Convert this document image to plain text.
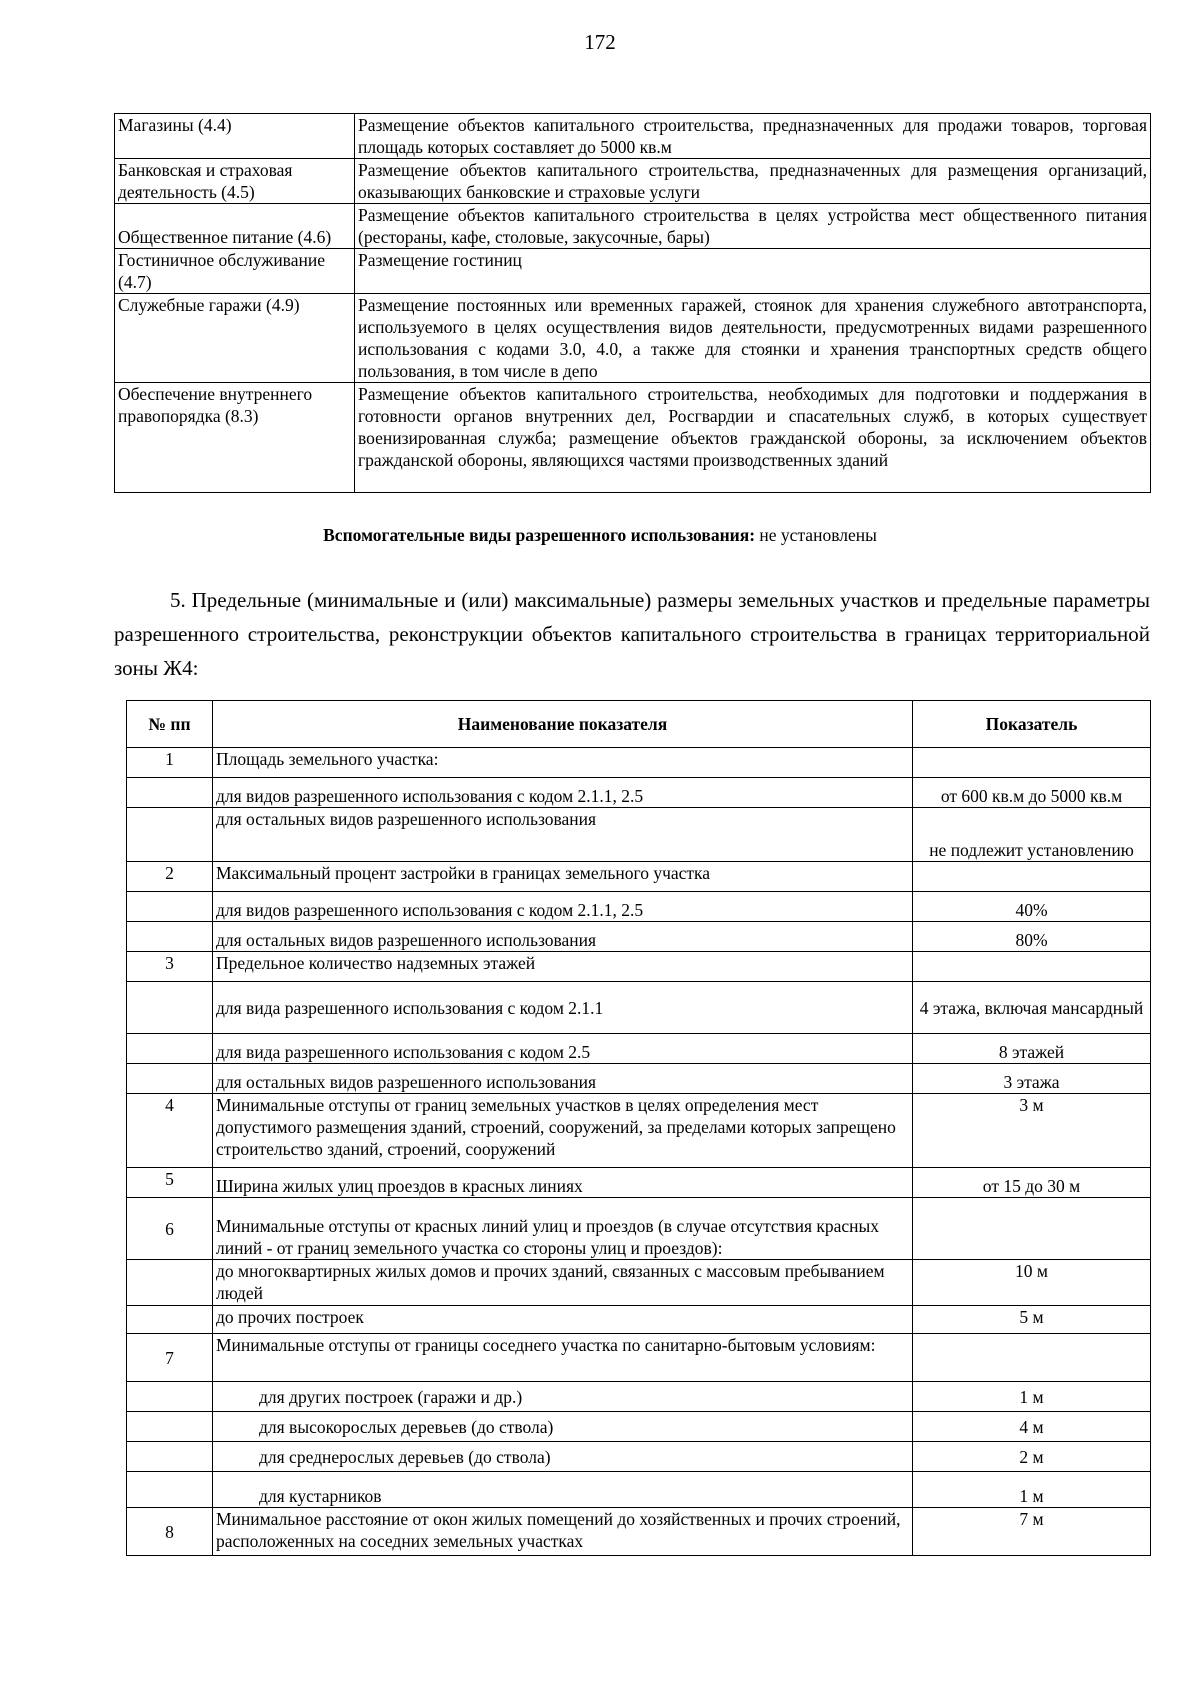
172
Магазины (4.4)	Размещение объектов капитального строительства, предназначенных для продажи товаров, торговая площадь которых составляет до 5000 кв.м
Банковская и страховая деятельность (4.5)	Размещение объектов капитального строительства, предназначенных для размещения организаций, оказывающих банковские и страховые услуги
Общественное питание (4.6)	Размещение объектов капитального строительства в целях устройства мест общественного питания (рестораны, кафе, столовые, закусочные, бары)
Гостиничное обслуживание (4.7)	Размещение гостиниц
Служебные гаражи (4.9)	Размещение постоянных или временных гаражей, стоянок для хранения служебного автотранспорта, используемого в целях осуществления видов деятельности, предусмотренных видами разрешенного использования с кодами 3.0, 4.0, а также для стоянки и хранения транспортных средств общего пользования, в том числе в депо
Обеспечение внутреннего правопорядка (8.3)	Размещение объектов капитального строительства, необходимых для подготовки и поддержания в готовности органов внутренних дел, Росгвардии и спасательных служб, в которых существует военизированная служба; размещение объектов гражданской обороны, за исключением объектов гражданской обороны, являющихся частями производственных зданий
Вспомогательные виды разрешенного использования: не установлены

5. Предельные (минимальные и (или) максимальные) размеры земельных участков и предельные параметры разрешенного строительства, реконструкции объектов капитального строительства в границах территориальной зоны Ж4:

№ пп	Наименование показателя	Показатель
1	Площадь земельного участка:	
	для видов разрешенного использования с кодом 2.1.1, 2.5	от 600 кв.м до 5000 кв.м
	для остальных видов разрешенного использования	не подлежит установлению
2	Максимальный процент застройки в границах земельного участка	
	для видов разрешенного использования с кодом 2.1.1, 2.5	40%
	для остальных видов разрешенного использования	80%
3	Предельное количество надземных этажей	
	для вида разрешенного использования с кодом 2.1.1	4 этажа, включая мансардный
	для вида разрешенного использования с кодом 2.5	8 этажей
	для остальных видов разрешенного использования	3 этажа
4	Минимальные отступы от границ земельных участков в целях определения мест допустимого размещения зданий, строений, сооружений, за пределами которых запрещено строительство зданий, строений, сооружений	3 м
5	Ширина жилых улиц проездов в красных линиях	от 15 до 30 м
6	Минимальные отступы от красных линий улиц и проездов (в случае отсутствия красных линий - от границ земельного участка со стороны улиц и проездов):	
	до многоквартирных жилых домов и прочих зданий, связанных с массовым пребыванием людей	10 м
	до прочих построек	5 м
7	Минимальные отступы от границы соседнего участка по санитарно-бытовым условиям:	
	для других построек (гаражи и др.)	1 м
	для высокорослых деревьев (до ствола)	4 м
	для среднерослых деревьев (до ствола)	2 м
	для кустарников	1 м
8	Минимальное расстояние от окон жилых помещений до хозяйственных и прочих строений, расположенных на соседних земельных участках	7 м
